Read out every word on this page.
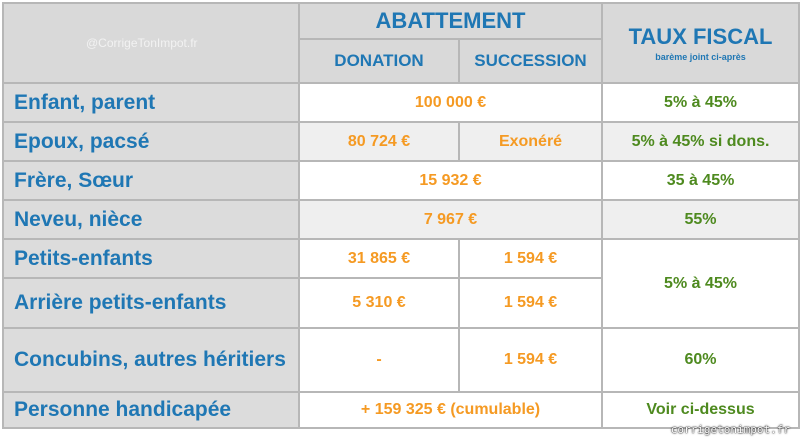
@CorrigeTonImpot.fr	ABATTEMENT		TAUX FISCAL
barème joint ci-après

	DONATION	SUCCESSION	
Enfant, parent	100 000 €		5% à 45%
Epoux, pacsé	80 724 €	Exonéré	5% à 45% si dons.
Frère, Sœur	15 932 €		35 à 45%
Neveu, nièce	7 967 €		55%
Petits-enfants	31 865 €	1 594 €	5% à 45%
Arrière petits-enfants	5 310 €	1 594 €	
Concubins, autres héritiers	-	1 594 €	60%
Personne handicapée	+ 159 325 € (cumulable)		Voir ci-dessus
corrigetonimpot.fr
